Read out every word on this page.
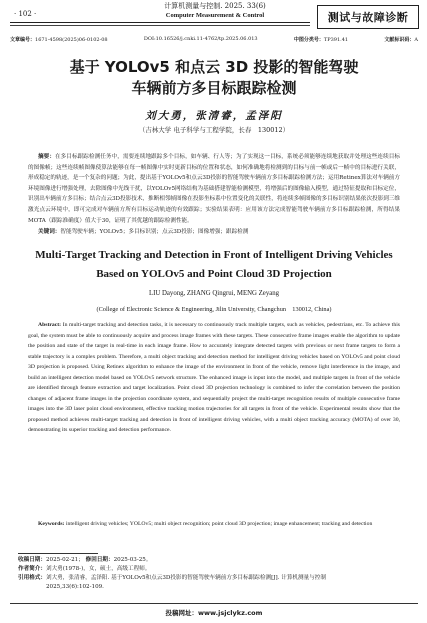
· 102 ·
计算机测量与控制. 2025. 33(6)
Computer Measurement & Control	测试与故障诊断
文章编号：1671-4598(2025)06-0102-08	DOI:10.16526/j.cnki.11-4762/tp.2025.06.013	中图分类号：TP391.41	文献标识码：A
基于 YOLOv5 和点云 3D 投影的智能驾驶
车辆前方多目标跟踪检测
刘大勇，张清睿，孟泽阳
（吉林大学 电子科学与工程学院，长春　130012）
摘要：在多目标跟踪检测任务中，需要连续地跟踪多个目标，如车辆、行人等；为了实现这一目标，系统必须能够连续地获取并处理这些连续目标的图像帧；这些连续帧图像使算法能够在每一帧图像中实时更新目标的位置和状态，如何准确地将检测到的目标与前一帧或后一帧中的目标进行关联，形成稳定的轨迹，是一个复杂的问题；为此，提出基于YOLOv5和点云3D投影的智能驾驶车辆前方多目标跟踪检测方法；运用Retinex算法对车辆前方环境图像进行增强处理，去除图像中光线干扰，以YOLOv5网络结构为基础搭建智能检测模型，将增强后的图像输入模型，通过特征提取和目标定位，识别出车辆前方多目标；结合点云3D投影技术，推断相邻帧图像在投影坐标系中位置变化的关联性，将连续多帧图像的多目标识别结果依次投影到三维激光点云环境中，即可完成对车辆前方所有目标运动轨迹的有效跟踪；实验结果表明：应用该方法完成智能驾驶车辆前方多目标跟踪检测，所得结果MOTA（跟踪准确度）值大于30，证明了其优越的跟踪检测性能。
关键词：智能驾驶车辆；YOLOv5；多目标识别；点云3D投影；图像增强；跟踪检测
Multi-Target Tracking and Detection in Front of Intelligent Driving Vehicles
Based on YOLOv5 and Point Cloud 3D Projection
LIU Dayong, ZHANG Qingrui, MENG Zeyang
(College of Electronic Science & Engineering, Jilin University, Changchun　130012, China)
Abstract: In multi-target tracking and detection tasks, it is necessary to continuously track multiple targets, such as vehicles, pedestrians, etc. To achieve this goal, the system must be able to continuously acquire and process image frames with these targets. These consecutive frame images enable the algorithm to update the position and state of the target in real-time in each image frame. How to accurately integrate detected targets with previous or next frame targets to form a stable trajectory is a complex problem. Therefore, a multi object tracking and detection method for intelligent driving vehicles based on YOLOv5 and point cloud 3D projection is proposed. Using Retinex algorithm to enhance the image of the environment in front of the vehicle, remove light interference in the image, and build an intelligent detection model based on YOLOv5 network structure. The enhanced image is input into the model, and multiple targets in front of the vehicle are identified through feature extraction and target localization. Point cloud 3D projection technology is combined to infer the correlation between the position changes of adjacent frame images in the projection coordinate system, and sequentially project the multi-target recognition results of multiple consecutive frame images into the 3D laser point cloud environment, effective tracking motion trajectories for all targets in front of the vehicle. Experimental results show that the proposed method achieves multi-target tracking and detection in front of intelligent driving vehicles, with a multi object tracking accuracy (MOTA) of over 30, demonstrating its superior tracking and detection performance.
Keywords: intelligent driving vehicles; YOLOv5; multi object recognition; point cloud 3D projection; image enhancement; tracking and detection
收稿日期：2025-02-21； 修回日期：2025-03-25。
作者简介：刘大勇(1978-)，女，硕士，高级工程师。
引用格式：刘大勇，张清睿，孟泽阳. 基于YOLOv5和点云3D投影的智能驾驶车辆前方多目标跟踪检测[J]. 计算机测量与控制
2025,33(6):102-109.
投稿网址：www.jsjclykz.com
